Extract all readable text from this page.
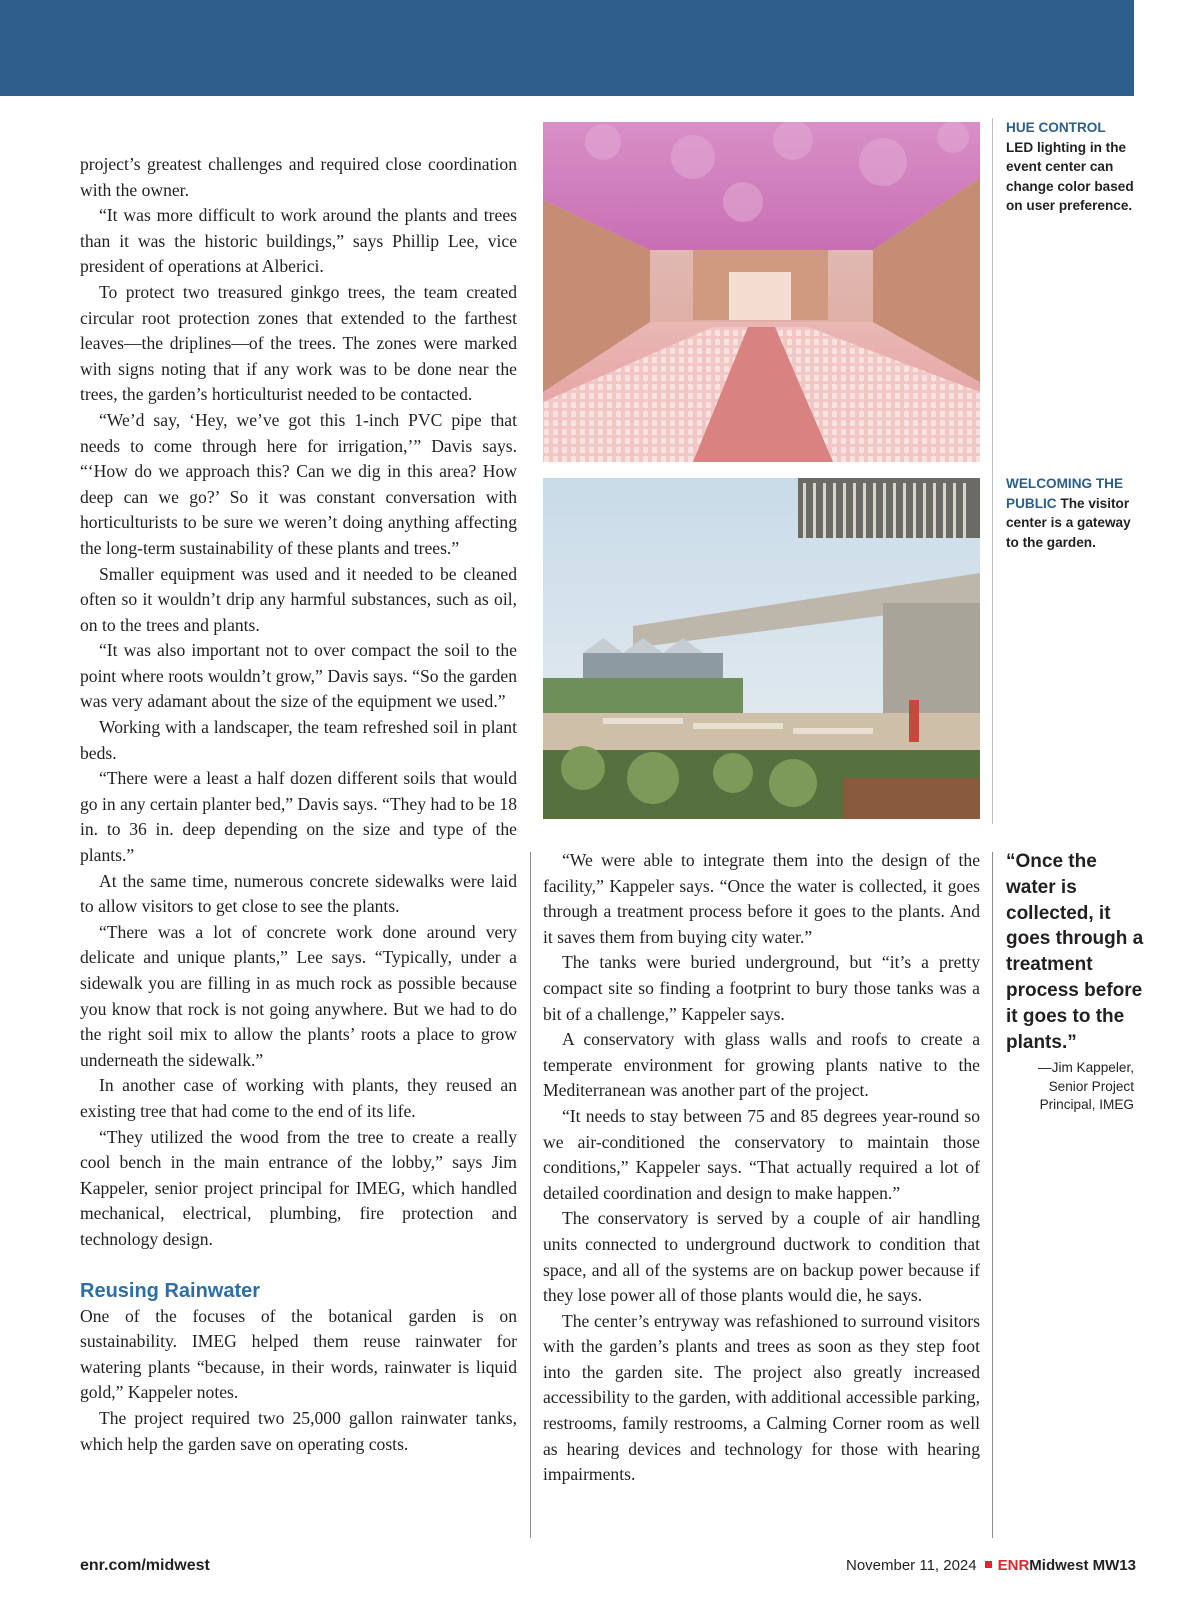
project’s greatest challenges and required close coordination with the owner.

“It was more difficult to work around the plants and trees than it was the historic buildings,” says Phillip Lee, vice president of operations at Alberici.

To protect two treasured ginkgo trees, the team created circular root protection zones that extended to the farthest leaves—the driplines—of the trees. The zones were marked with signs noting that if any work was to be done near the trees, the garden’s horticulturist needed to be contacted.

“We’d say, ‘Hey, we’ve got this 1-inch PVC pipe that needs to come through here for irrigation,’” Davis says. “‘How do we approach this? Can we dig in this area? How deep can we go?’ So it was constant conversation with horticulturists to be sure we weren’t doing anything affecting the long-term sustainability of these plants and trees.”

Smaller equipment was used and it needed to be cleaned often so it wouldn’t drip any harmful substances, such as oil, on to the trees and plants.

“It was also important not to over compact the soil to the point where roots wouldn’t grow,” Davis says. “So the garden was very adamant about the size of the equipment we used.”

Working with a landscaper, the team refreshed soil in plant beds.

“There were a least a half dozen different soils that would go in any certain planter bed,” Davis says. “They had to be 18 in. to 36 in. deep depending on the size and type of the plants.”

At the same time, numerous concrete sidewalks were laid to allow visitors to get close to see the plants.

“There was a lot of concrete work done around very delicate and unique plants,” Lee says. “Typically, under a sidewalk you are filling in as much rock as possible because you know that rock is not going anywhere. But we had to do the right soil mix to allow the plants’ roots a place to grow underneath the sidewalk.”

In another case of working with plants, they reused an existing tree that had come to the end of its life.

“They utilized the wood from the tree to create a really cool bench in the main entrance of the lobby,” says Jim Kappeler, senior project principal for IMEG, which handled mechanical, electrical, plumbing, fire protection and technology design.

Reusing Rainwater

One of the focuses of the botanical garden is on sustainability. IMEG helped them reuse rainwater for watering plants “because, in their words, rainwater is liquid gold,” Kappeler notes.

The project required two 25,000 gallon rainwater tanks, which help the garden save on operating costs.

HUE CONTROL
LED lighting in the event center can change color based on user preference.
WELCOMING THE PUBLIC The visitor center is a gateway to the garden.

“We were able to integrate them into the design of the facility,” Kappeler says. “Once the water is collected, it goes through a treatment process before it goes to the plants. And it saves them from buying city water.”

The tanks were buried underground, but “it’s a pretty compact site so finding a footprint to bury those tanks was a bit of a challenge,” Kappeler says.

A conservatory with glass walls and roofs to create a temperate environment for growing plants native to the Mediterranean was another part of the project.

“It needs to stay between 75 and 85 degrees year-round so we air-conditioned the conservatory to maintain those conditions,” Kappeler says. “That actually required a lot of detailed coordination and design to make happen.”

The conservatory is served by a couple of air handling units connected to underground ductwork to condition that space, and all of the systems are on backup power because if they lose power all of those plants would die, he says.

The center’s entryway was refashioned to surround visitors with the garden’s plants and trees as soon as they step foot into the garden site. The project also greatly increased accessibility to the garden, with additional accessible parking, restrooms, family restrooms, a Calming Corner room as well as hearing devices and technology for those with hearing impairments.

“Once the water is collected, it goes through a treatment process before it goes to the plants.”
—Jim Kappeler,
Senior Project Principal, IMEG
enr.com/midwest	November 11, 2024 ENRMidwest MW13
